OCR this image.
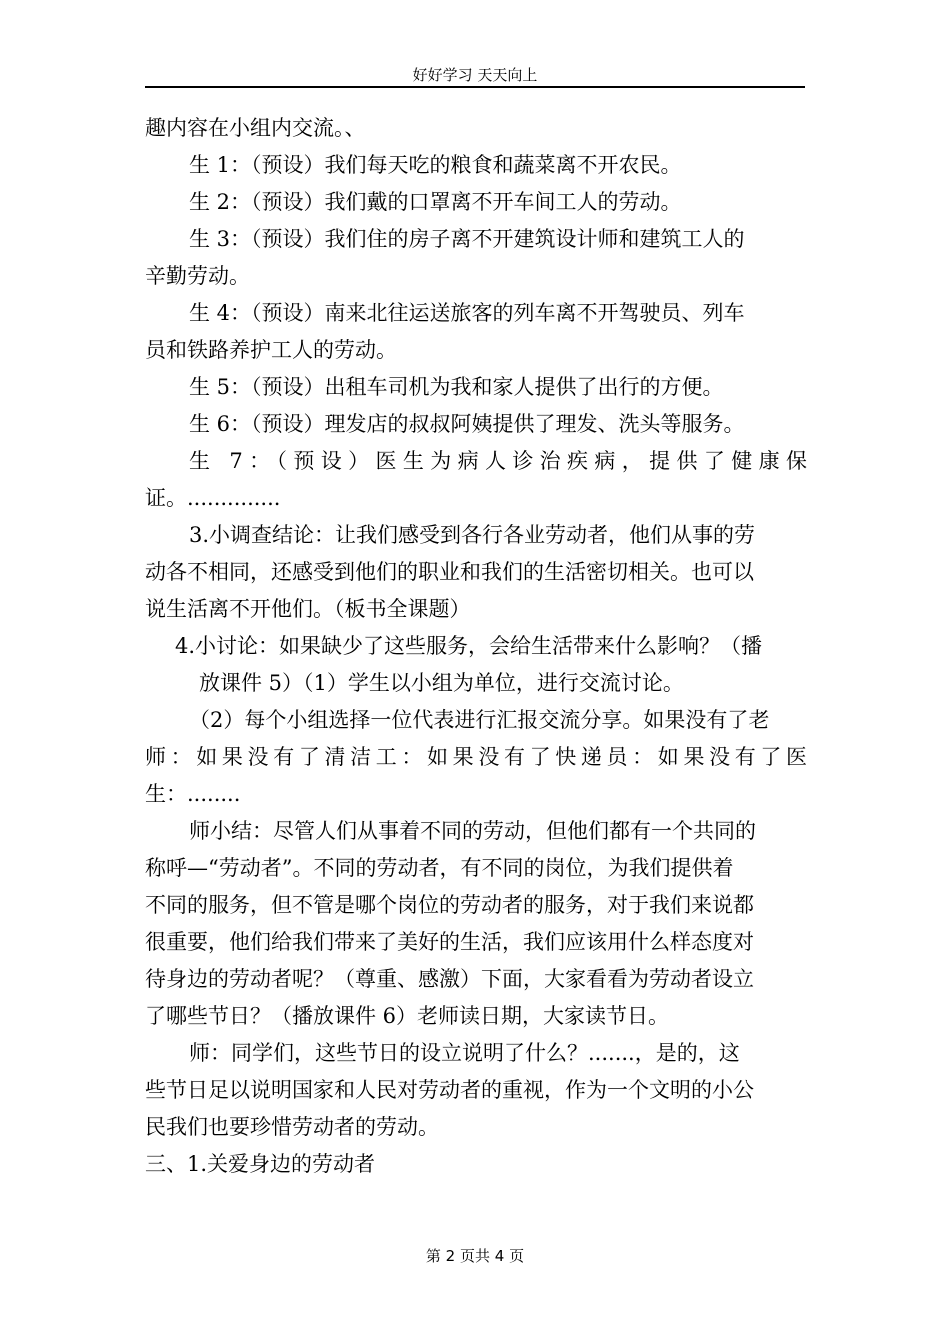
好好学习 天天向上

趣内容在小组内交流。、

生 1：（预设）我们每天吃的粮食和蔬菜离不开农民。

生 2：（预设）我们戴的口罩离不开车间工人的劳动。

生 3：（预设）我们住的房子离不开建筑设计师和建筑工人的

辛勤劳动。

生 4：（预设）南来北往运送旅客的列车离不开驾驶员、列车

员和铁路养护工人的劳动。

生 5：（预设）出租车司机为我和家人提供了出行的方便。

生 6：（预设）理发店的叔叔阿姨提供了理发、洗头等服务。

生 7：（预设）医生为病人诊治疾病，提供了健康保

证。..............

3.小调查结论：让我们感受到各行各业劳动者，他们从事的劳

动各不相同，还感受到他们的职业和我们的生活密切相关。也可以

说生活离不开他们。（板书全课题）

4.小讨论：如果缺少了这些服务，会给生活带来什么影响？（播

放课件 5）（1）学生以小组为单位，进行交流讨论。

（2）每个小组选择一位代表进行汇报交流分享。如果没有了老

师：如果没有了清洁工：如果没有了快递员：如果没有了医

生：........

师小结：尽管人们从事着不同的劳动，但他们都有一个共同的

称呼—“劳动者”。不同的劳动者，有不同的岗位，为我们提供着

不同的服务，但不管是哪个岗位的劳动者的服务，对于我们来说都

很重要，他们给我们带来了美好的生活，我们应该用什么样态度对

待身边的劳动者呢？（尊重、感激）下面，大家看看为劳动者设立

了哪些节日？（播放课件 6）老师读日期，大家读节日。

师：同学们，这些节日的设立说明了什么？.......，是的，这

些节日足以说明国家和人民对劳动者的重视，作为一个文明的小公

民我们也要珍惜劳动者的劳动。

三、1.关爱身边的劳动者

第 2 页共 4 页
